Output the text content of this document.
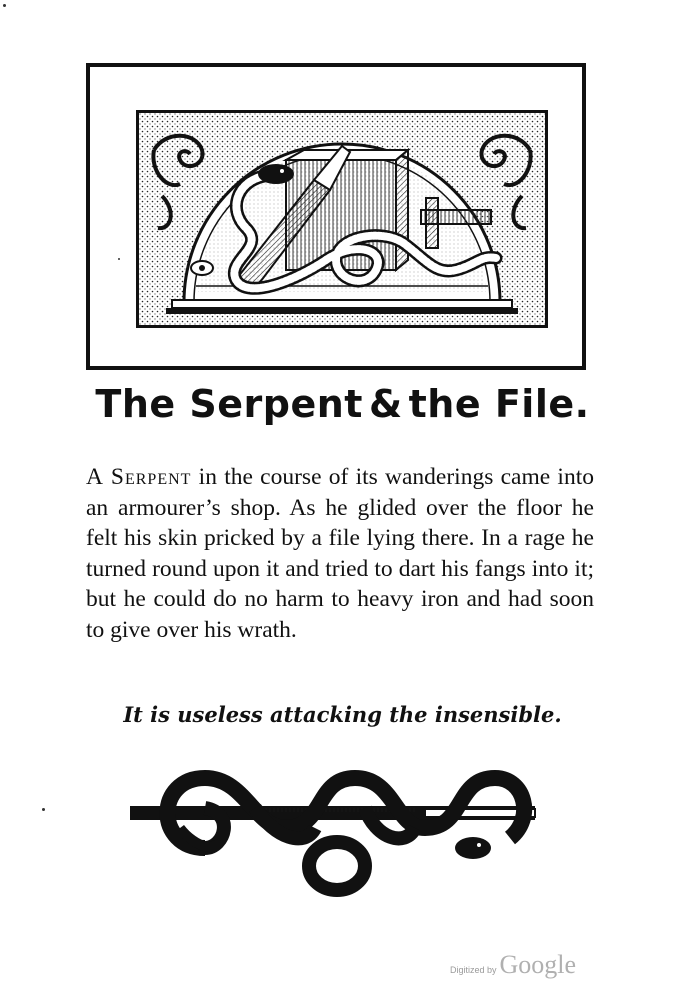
The Serpent & the File.
A Serpent in the course of its wanderings came into an armourer’s shop. As he glided over the floor he felt his skin pricked by a file lying there. In a rage he turned round upon it and tried to dart his fangs into it; but he could do no harm to heavy iron and had soon to give over his wrath.
It is useless attacking the insensible.
Digitized by Google
